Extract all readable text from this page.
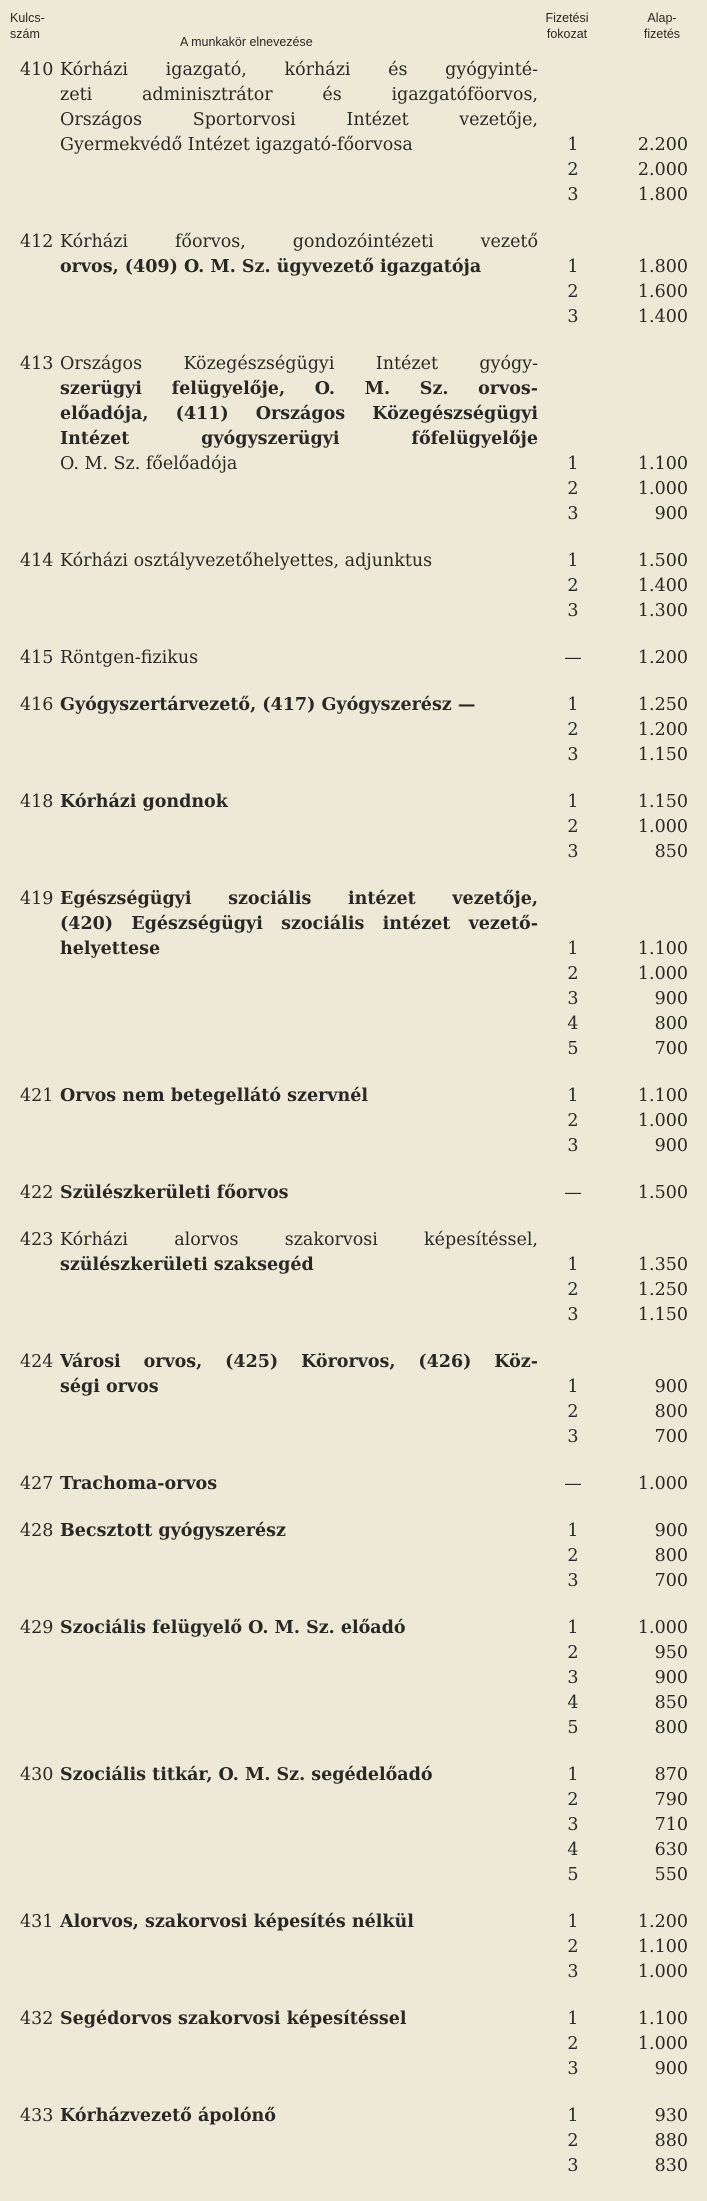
Kulcs-
szám
A munkakör elnevezése
Fizetési
fokozat
Alap-
fizetés
410 Kórházi igazgató, kórházi és gyógyinté-
zeti adminisztrátor és igazgatóföorvos,
Országos Sportorvosi Intézet vezetője,
Gyermekvédő Intézet igazgató-főorvosa	1	2.200
2	2.000
3	1.800
412 Kórházi főorvos, gondozóintézeti vezető
orvos, (409) O. M. Sz. ügyvezető igazgatója	1	1.800
2	1.600
3	1.400
413 Országos Közegészségügyi Intézet gyógy-
szerügyi felügyelője, O. M. Sz. orvos-
előadója, (411) Országos Közegészségügyi
Intézet gyógyszerügyi főfelügyelője
O. M. Sz. főelőadója	1	1.100
2	1.000
3	900
414 Kórházi osztályvezetőhelyettes, adjunktus	1	1.500
2	1.400
3	1.300
415 Röntgen-fizikus	—	1.200
416 Gyógyszertárvezető, (417) Gyógyszerész —	1	1.250
2	1.200
3	1.150
418 Kórházi gondnok	1	1.150
2	1.000
3	850
419 Egészségügyi szociális intézet vezetője,
(420) Egészségügyi szociális intézet vezető-
helyettese	1	1.100
2	1.000
3	900
4	800
5	700
421 Orvos nem betegellátó szervnél	1	1.100
2	1.000
3	900
422 Szülészkerületi főorvos	—	1.500
423 Kórházi alorvos szakorvosi képesítéssel,
szülészkerületi szaksegéd	1	1.350
2	1.250
3	1.150
424 Városi orvos, (425) Körorvos, (426) Köz-
ségi orvos	1	900
2	800
3	700
427 Trachoma-orvos	—	1.000
428 Becsztott gyógyszerész	1	900
2	800
3	700
429 Szociális felügyelő O. M. Sz. előadó	1	1.000
2	950
3	900
4	850
5	800
430 Szociális titkár, O. M. Sz. segédelőadó	1	870
2	790
3	710
4	630
5	550
431 Alorvos, szakorvosi képesítés nélkül	1	1.200
2	1.100
3	1.000
432 Segédorvos szakorvosi képesítéssel	1	1.100
2	1.000
3	900
433 Kórházvezető ápolónő	1	930
2	880
3	830
